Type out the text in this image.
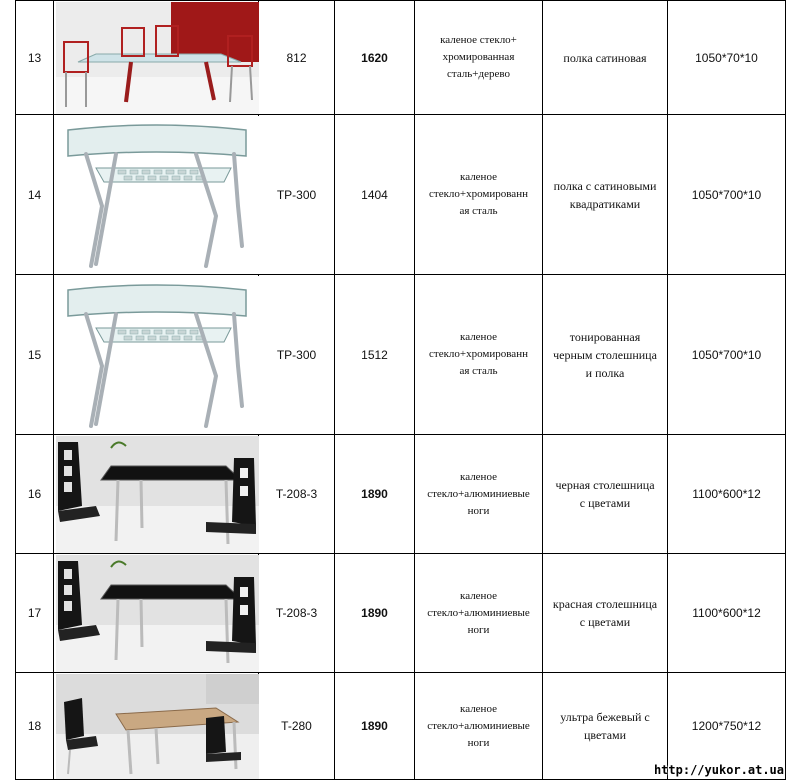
13		812	1620	каленое стекло+
хромированная
сталь+дерево	полка сатиновая	1050*70*10
14		TP-300	1404	каленое
стекло+хромированн
ая сталь	полка с сатиновыми
квадратиками	1050*700*10
15		TP-300	1512	каленое
стекло+хромированн
ая сталь	тонированная
черным столешница
и полка	1050*700*10
16		T-208-3	1890	каленое
стекло+алюминиевые
ноги	черная столешница
с цветами	1100*600*12
17		T-208-3	1890	каленое
стекло+алюминиевые
ноги	красная столешница
с цветами	1100*600*12
18		T-280	1890	каленое
стекло+алюминиевые
ноги	ультра бежевый с
цветами	1200*750*12
http://yukor.at.ua
